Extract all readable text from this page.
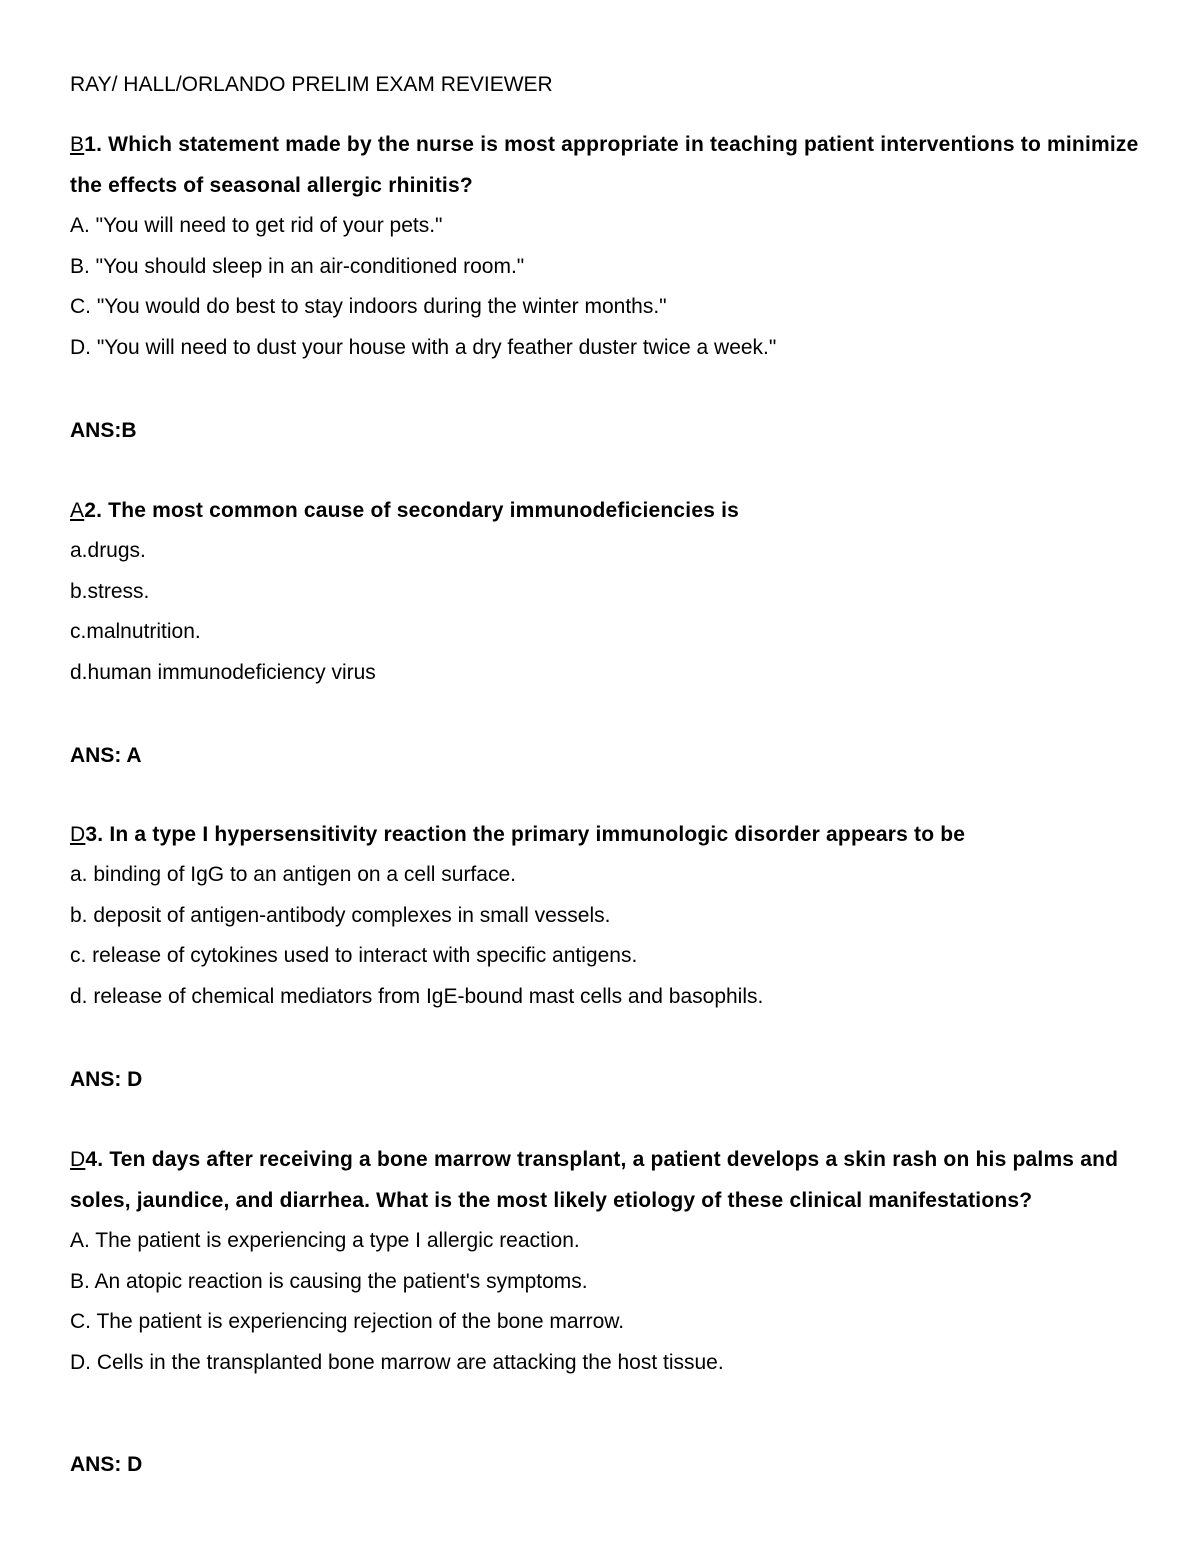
RAY/ HALL/ORLANDO PRELIM EXAM REVIEWER
B1. Which statement made by the nurse is most appropriate in teaching patient interventions to minimize the effects of seasonal allergic rhinitis?
A. "You will need to get rid of your pets."
B. "You should sleep in an air-conditioned room."
C. "You would do best to stay indoors during the winter months."
D. "You will need to dust your house with a dry feather duster twice a week."
ANS:B
A2. The most common cause of secondary immunodeficiencies is
a.drugs.
b.stress.
c.malnutrition.
d.human immunodeficiency virus
ANS: A
D3. In a type I hypersensitivity reaction the primary immunologic disorder appears to be
a. binding of IgG to an antigen on a cell surface.
b. deposit of antigen-antibody complexes in small vessels.
c. release of cytokines used to interact with specific antigens.
d. release of chemical mediators from IgE-bound mast cells and basophils.
ANS: D
D4. Ten days after receiving a bone marrow transplant, a patient develops a skin rash on his palms and soles, jaundice, and diarrhea. What is the most likely etiology of these clinical manifestations?
A. The patient is experiencing a type I allergic reaction.
B. An atopic reaction is causing the patient's symptoms.
C. The patient is experiencing rejection of the bone marrow.
D. Cells in the transplanted bone marrow are attacking the host tissue.
ANS: D
